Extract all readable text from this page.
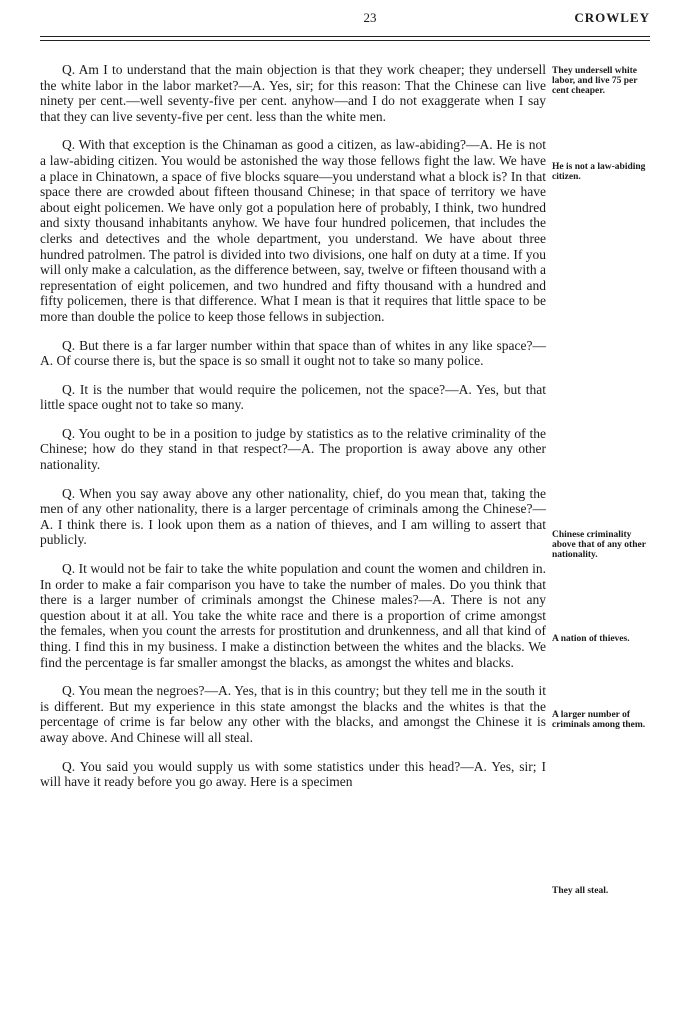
23	CROWLEY

Q. Am I to understand that the main objection is that they work cheaper; they undersell the white labor in the labor market?—A. Yes, sir; for this reason: That the Chinese can live ninety per cent.—well seventy-five per cent. anyhow—and I do not exaggerate when I say that they can live seventy-five per cent. less than the white men.

Q. With that exception is the Chinaman as good a citizen, as law-abiding?—A. He is not a law-abiding citizen. You would be astonished the way those fellows fight the law. We have a place in Chinatown, a space of five blocks square—you understand what a block is? In that space there are crowded about fifteen thousand Chinese; in that space of territory we have about eight policemen. We have only got a population here of probably, I think, two hundred and sixty thousand inhabitants anyhow. We have four hundred policemen, that includes the clerks and detectives and the whole department, you understand. We have about three hundred patrolmen. The patrol is divided into two divisions, one half on duty at a time. If you will only make a calculation, as the difference between, say, twelve or fifteen thousand with a representation of eight policemen, and two hundred and fifty thousand with a hundred and fifty policemen, there is that difference. What I mean is that it requires that little space to be more than double the police to keep those fellows in subjection.

Q. But there is a far larger number within that space than of whites in any like space?—A. Of course there is, but the space is so small it ought not to take so many police.

Q. It is the number that would require the policemen, not the space?—A. Yes, but that little space ought not to take so many.

Q. You ought to be in a position to judge by statistics as to the relative criminality of the Chinese; how do they stand in that respect?—A. The proportion is away above any other nationality.

Q. When you say away above any other nationality, chief, do you mean that, taking the men of any other nationality, there is a larger percentage of criminals among the Chinese?—A. I think there is. I look upon them as a nation of thieves, and I am willing to assert that publicly.

Q. It would not be fair to take the white population and count the women and children in. In order to make a fair comparison you have to take the number of males. Do you think that there is a larger number of criminals amongst the Chinese males?—A. There is not any question about it at all. You take the white race and there is a proportion of crime amongst the females, when you count the arrests for prostitution and drunkenness, and all that kind of thing. I find this in my business. I make a distinction between the whites and the blacks. We find the percentage is far smaller amongst the blacks, as amongst the whites and blacks.

Q. You mean the negroes?—A. Yes, that is in this country; but they tell me in the south it is different. But my experience in this state amongst the blacks and the whites is that the percentage of crime is far below any other with the blacks, and amongst the Chinese it is away above. And Chinese will all steal.

Q. You said you would supply us with some statistics under this head?—A. Yes, sir; I will have it ready before you go away. Here is a specimen

They undersell white labor, and live 75 per cent cheaper.
He is not a law-abiding citizen.
Chinese criminality above that of any other nationality.
A nation of thieves.
A larger number of criminals among them.
They all steal.
